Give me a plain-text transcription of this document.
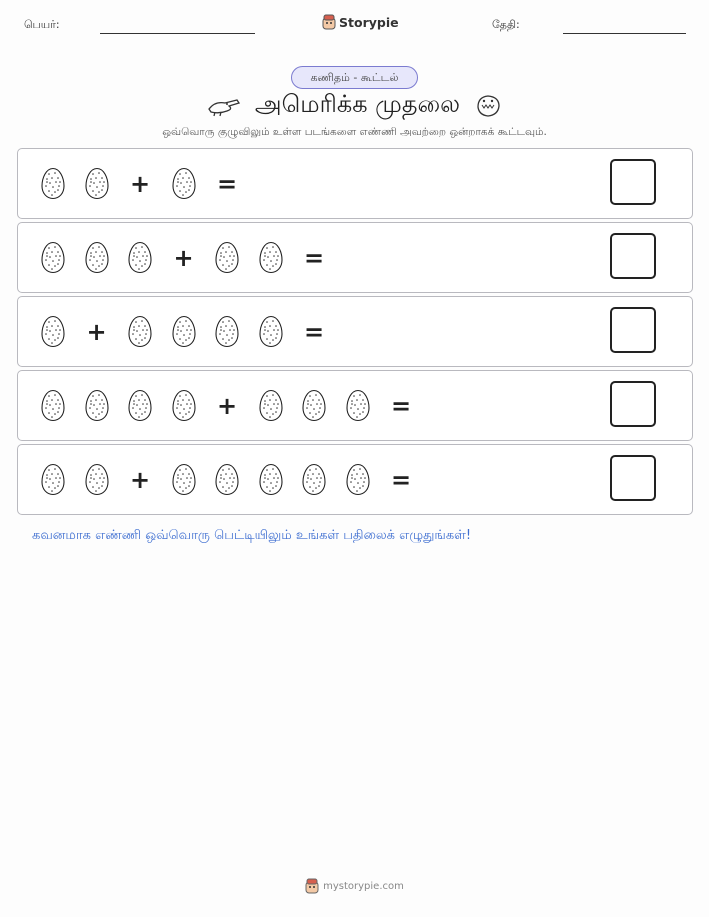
பெயர்:	Storypie	தேதி:
கணிதம் - கூட்டல்
அமெரிக்க முதலை
ஒவ்வொரு குழுவிலும் உள்ள படங்களை எண்ணி அவற்றை ஒன்றாகக் கூட்டவும்.
+	=
+	=
+	=
+	=
+	=
கவனமாக எண்ணி ஒவ்வொரு பெட்டியிலும் உங்கள் பதிலைக் எழுதுங்கள்!
mystorypie.com
